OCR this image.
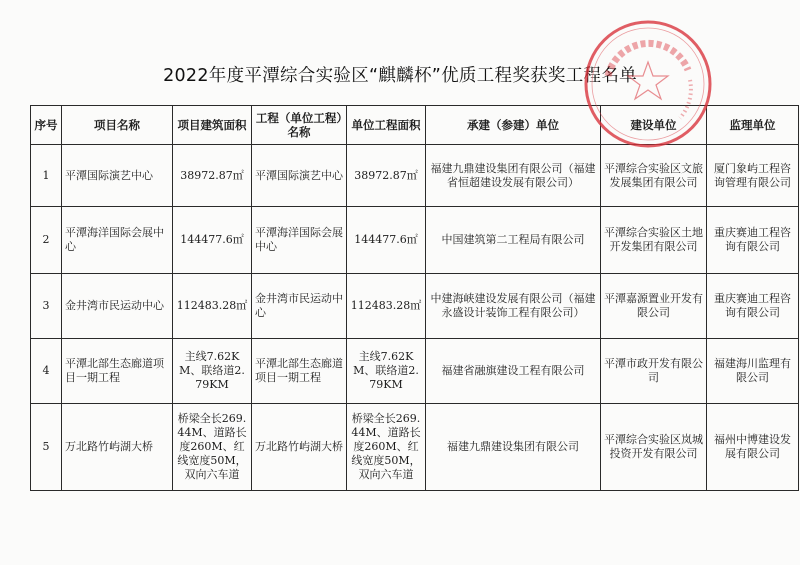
2022年度平潭综合实验区“麒麟杯”优质工程奖获奖工程名单
序号	项目名称	项目建筑面积	工程（单位工程）名称	单位工程面积	承建（参建）单位	建设单位	监理单位
1	平潭国际演艺中心	38972.87㎡	平潭国际演艺中心	38972.87㎡	福建九鼎建设集团有限公司（福建省恒超建设发展有限公司）	平潭综合实验区文旅发展集团有限公司	厦门象屿工程咨询管理有限公司
2	平潭海洋国际会展中心	144477.6㎡	平潭海洋国际会展中心	144477.6㎡	中国建筑第二工程局有限公司	平潭综合实验区土地开发集团有限公司	重庆赛迪工程咨询有限公司
3	金井湾市民运动中心	112483.28㎡	金井湾市民运动中心	112483.28㎡	中建海峡建设发展有限公司（福建永盛设计装饰工程有限公司）	平潭嘉源置业开发有限公司	重庆赛迪工程咨询有限公司
4	平潭北部生态廊道项目一期工程	主线7.62KM、联络道2.79KM	平潭北部生态廊道项目一期工程	主线7.62KM、联络道2.79KM	福建省融旗建设工程有限公司	平潭市政开发有限公司	福建海川监理有限公司
5	万北路竹屿湖大桥	桥梁全长269.44M、道路长度260M、红线宽度50M，双向六车道	万北路竹屿湖大桥	桥梁全长269.44M、道路长度260M、红线宽度50M，双向六车道	福建九鼎建设集团有限公司	平潭综合实验区岚城投资开发有限公司	福州中博建设发展有限公司
